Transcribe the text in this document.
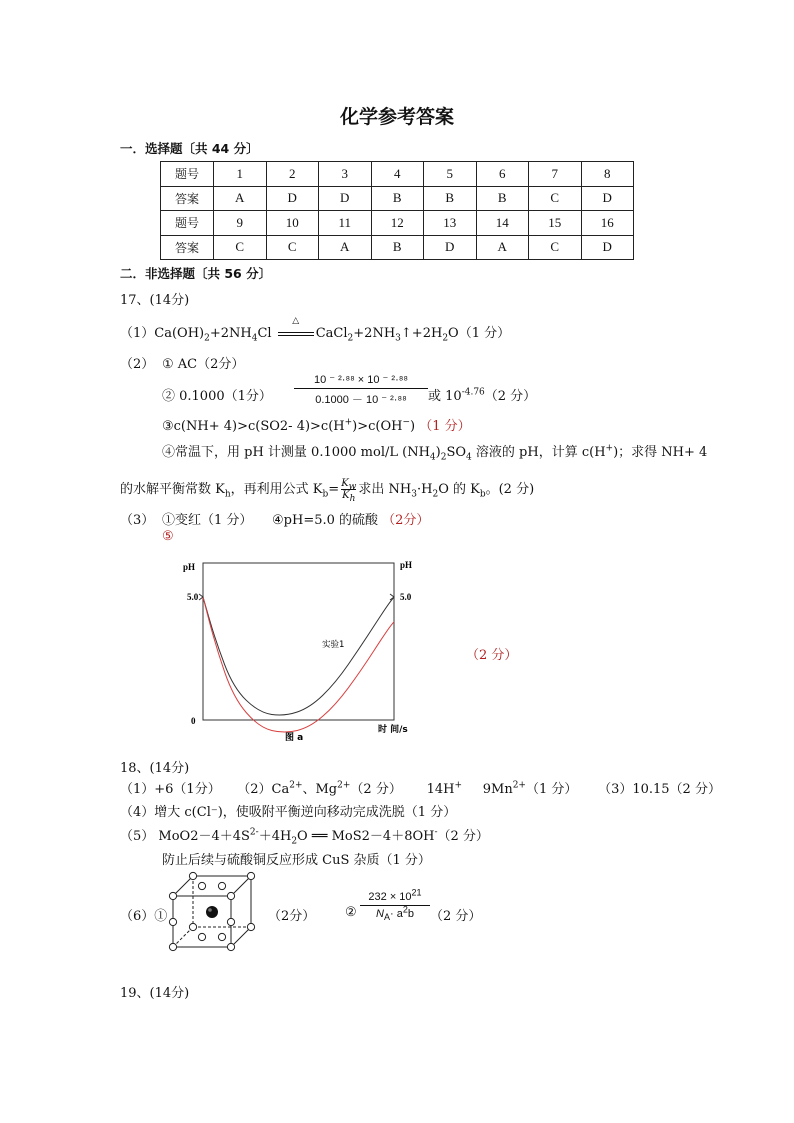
化学参考答案
一．选择题〔共 44 分〕
题号	1	2	3	4	5	6	7	8
答案	A	D	D	B	B	B	C	D
题号	9	10	11	12	13	14	15	16
答案	C	C	A	B	D	A	C	D
二．非选择题〔共 56 分〕
17、(14分)
$(1)Ca(OH)_2+2NH_4Cl$
△
$CaCl_2+2NH_3↑+2H_2O(1$ 分）
（2） ① AC（2分）
② 0.1000（1分） $\frac{\text{10 ⁻ ²·⁸⁸ × 10 ⁻ ²·⁸⁸}}{\text{0.1000 － 10 ⁻ ²·⁸⁸}}$ 或 $10^{-4.76}(2$ 分）
③c(NH+ 4)>c(SO2- 4)>c(H+)>c(OH−) （1 分）
④常温下，用 pH 计测量 0.1000 mol/L $(NH_4)_2SO_4$ 溶液的 pH，计算 c(H+)；求得 NH+ 4
的水解平衡常数 $K_h$，再利用公式 $K_b= \frac{K_w}{K_h}$ 求出 $NH_3\cdot H_2O$ 的 $K_b$。(2 分)
（3） ①变红（1 分） ④pH=5.0 的硫酸 （2分）
⑤
pH	pH
5.0
0
5.0
时 间/s
图 a
实验1
（2 分）
18、(14分)
（1）+6（1分） $(2)Ca^{2+}$、$Mg^{2+}(2$ 分） 14H+ $9Mn^{2+}(1$ 分） （3）10.15（2 分）
（4）增大 c(Cl⁻)，使吸附平衡逆向移动完成洗脱（1 分）
（5） $MoO2-4+4S^{2-}+4H_2O$ ══ MoS2－4＋8OH-（2 分）
防止后续与硫酸铜反应形成 CuS 杂质（1 分）
（6）①	（2分） ② $\frac{232 \times 10^{21}}{N_A\cdot a^2b} (2$ 分）
19、(14分)
